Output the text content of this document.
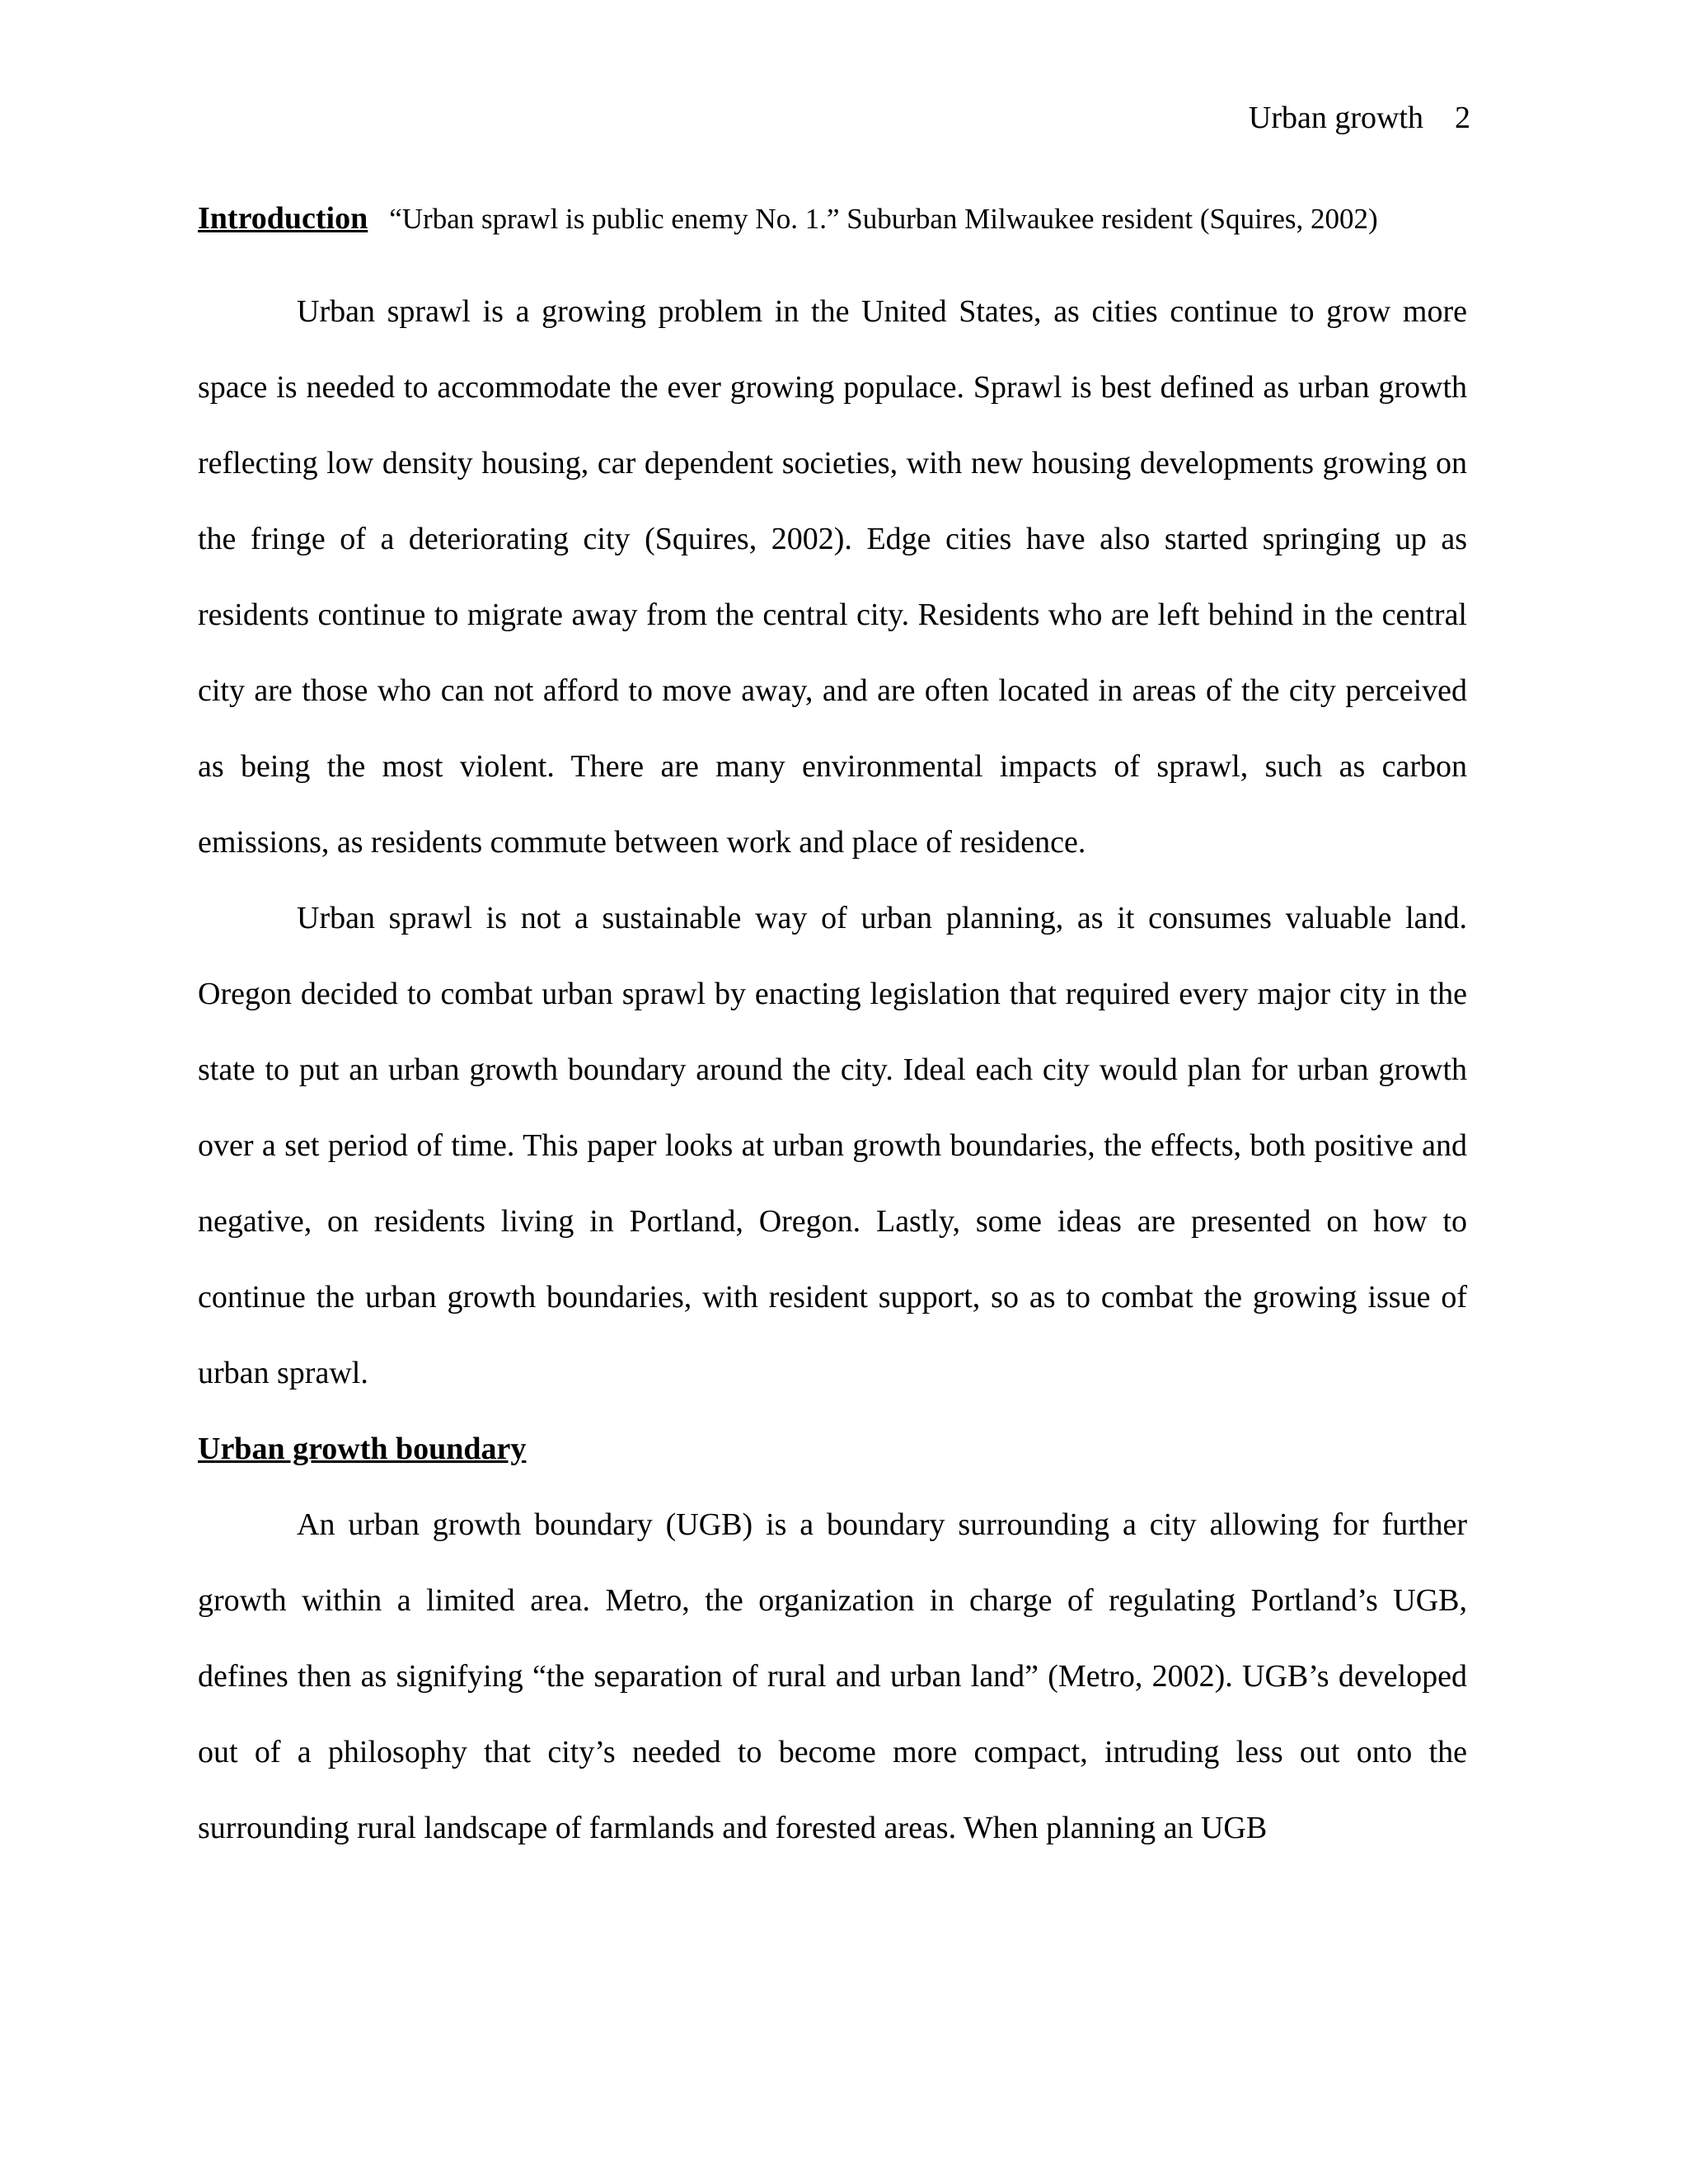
Urban growth 2
Introduction “Urban sprawl is public enemy No. 1.” Suburban Milwaukee resident (Squires, 2002)

Urban sprawl is a growing problem in the United States, as cities continue to grow more space is needed to accommodate the ever growing populace. Sprawl is best defined as urban growth reflecting low density housing, car dependent societies, with new housing developments growing on the fringe of a deteriorating city (Squires, 2002). Edge cities have also started springing up as residents continue to migrate away from the central city. Residents who are left behind in the central city are those who can not afford to move away, and are often located in areas of the city perceived as being the most violent. There are many environmental impacts of sprawl, such as carbon emissions, as residents commute between work and place of residence.

Urban sprawl is not a sustainable way of urban planning, as it consumes valuable land. Oregon decided to combat urban sprawl by enacting legislation that required every major city in the state to put an urban growth boundary around the city. Ideal each city would plan for urban growth over a set period of time. This paper looks at urban growth boundaries, the effects, both positive and negative, on residents living in Portland, Oregon. Lastly, some ideas are presented on how to continue the urban growth boundaries, with resident support, so as to combat the growing issue of urban sprawl.

Urban growth boundary

An urban growth boundary (UGB) is a boundary surrounding a city allowing for further growth within a limited area. Metro, the organization in charge of regulating Portland’s UGB, defines then as signifying “the separation of rural and urban land” (Metro, 2002). UGB’s developed out of a philosophy that city’s needed to become more compact, intruding less out onto the surrounding rural landscape of farmlands and forested areas. When planning an UGB
